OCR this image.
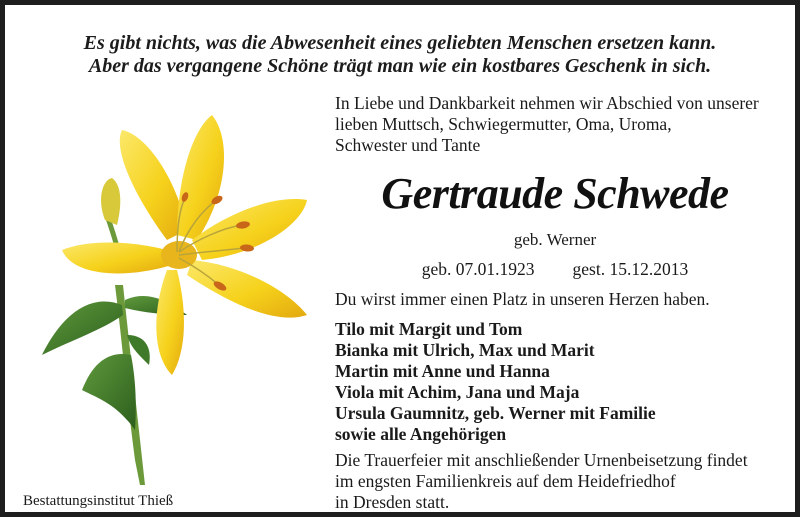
Es gibt nichts, was die Abwesenheit eines geliebten Menschen ersetzen kann.
Aber das vergangene Schöne trägt man wie ein kostbares Geschenk in sich.
In Liebe und Dankbarkeit nehmen wir Abschied von unserer
lieben Muttsch, Schwiegermutter, Oma, Uroma,
Schwester und Tante
Gertraude Schwede
geb. Werner
geb. 07.01.1923 gest. 15.12.2013
Du wirst immer einen Platz in unseren Herzen haben.
Tilo mit Margit und Tom
Bianka mit Ulrich, Max und Marit
Martin mit Anne und Hanna
Viola mit Achim, Jana und Maja
Ursula Gaumnitz, geb. Werner mit Familie
sowie alle Angehörigen
Die Trauerfeier mit anschließender Urnenbeisetzung findet
im engsten Familienkreis auf dem Heidefriedhof
in Dresden statt.
Bestattungsinstitut Thieß
